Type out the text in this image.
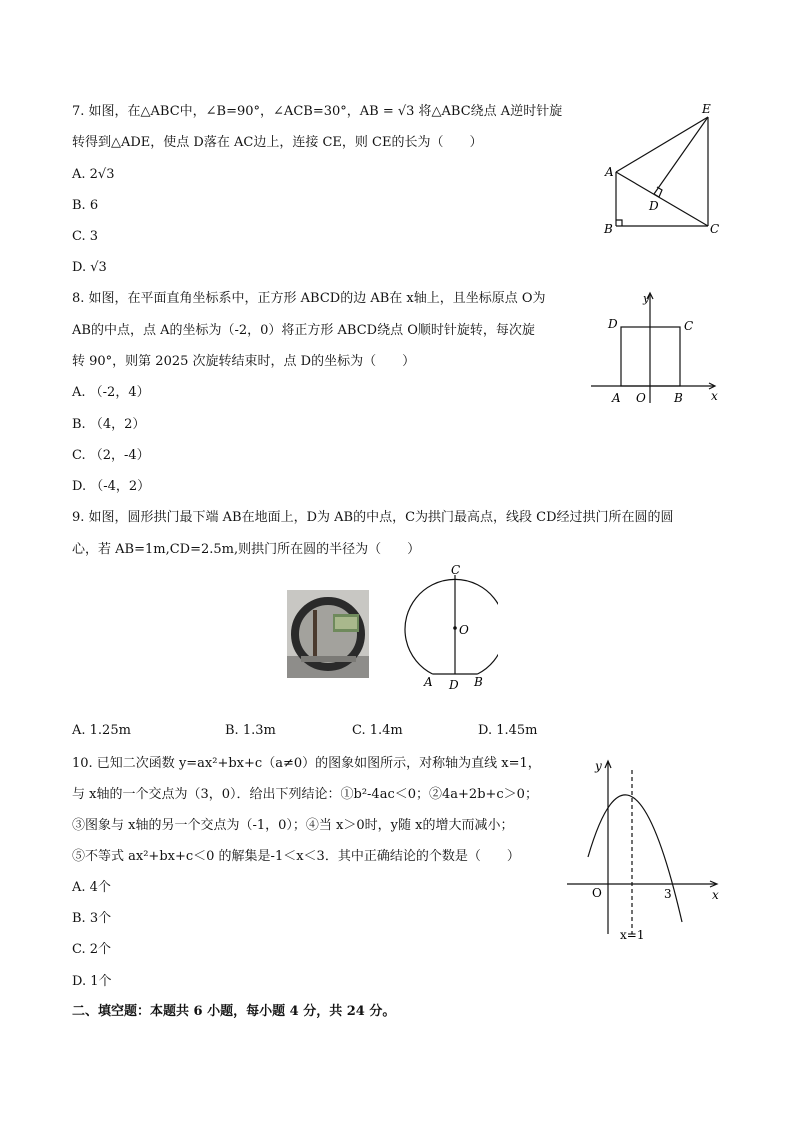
7. 如图，在△ABC中，∠B=90°，∠ACB=30°，AB = √3 将△ABC绕点 A逆时针旋
转得到△ADE，使点 D落在 AC边上，连接 CE，则 CE的长为（　　）
A. 2√3
B. 6
C. 3
D. √3
A
B	C
D
E
8. 如图，在平面直角坐标系中，正方形 ABCD的边 AB在 x轴上，且坐标原点 O为
AB的中点，点 A的坐标为（-2，0）将正方形 ABCD绕点 O顺时针旋转，每次旋
转 90°，则第 2025 次旋转结束时，点 D的坐标为（　　）
A. （-2，4）
B. （4，2）
C. （2，-4）
D. （-4，2）
y
x
D	C
A O B
9. 如图，圆形拱门最下端 AB在地面上，D为 AB的中点，C为拱门最高点，线段 CD经过拱门所在圆的圆
心，若 AB=1m,CD=2.5m,则拱门所在圆的半径为（　　）
C
O
A D B
A. 1.25m	B. 1.3m	C. 1.4m	D. 1.45m
10. 已知二次函数 y=ax²+bx+c（a≠0）的图象如图所示，对称轴为直线 x=1，
与 x轴的一个交点为（3，0）．给出下列结论：①b²-4ac＜0；②4a+2b+c＞0；
③图象与 x轴的另一个交点为（-1，0）；④当 x＞0时，y随 x的增大而减小；
⑤不等式 ax²+bx+c＜0 的解集是-1＜x＜3．其中正确结论的个数是（　　）
A. 4个
B. 3个
C. 2个
D. 1个
y
O	3	x
x=1
二、填空题：本题共 6 小题，每小题 4 分，共 24 分。
